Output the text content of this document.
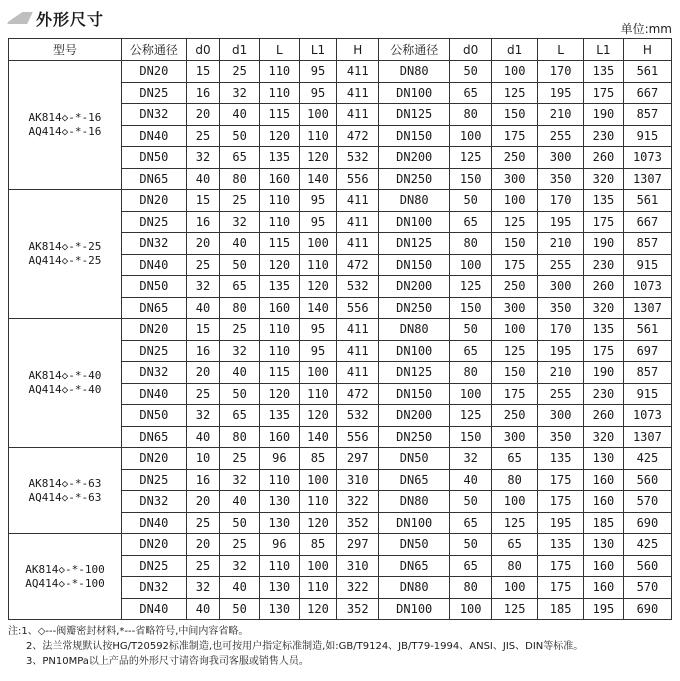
外形尺寸	单位:mm
型号	公称通径	d0	d1	L	L1	H	公称通径	d0	d1	L	L1	H

AK814◇-*-16
AQ414◇-*-16	DN20	15	25	110	95	411	DN80	50	100	170	135	561
	DN25	16	32	110	95	411	DN100	65	125	195	175	667
	DN32	20	40	115	100	411	DN125	80	150	210	190	857
	DN40	25	50	120	110	472	DN150	100	175	255	230	915
	DN50	32	65	135	120	532	DN200	125	250	300	260	1073
	DN65	40	80	160	140	556	DN250	150	300	350	320	1307

AK814◇-*-25
AQ414◇-*-25	DN20	15	25	110	95	411	DN80	50	100	170	135	561
	DN25	16	32	110	95	411	DN100	65	125	195	175	667
	DN32	20	40	115	100	411	DN125	80	150	210	190	857
	DN40	25	50	120	110	472	DN150	100	175	255	230	915
	DN50	32	65	135	120	532	DN200	125	250	300	260	1073
	DN65	40	80	160	140	556	DN250	150	300	350	320	1307

AK814◇-*-40
AQ414◇-*-40	DN20	15	25	110	95	411	DN80	50	100	170	135	561
	DN25	16	32	110	95	411	DN100	65	125	195	175	697
	DN32	20	40	115	100	411	DN125	80	150	210	190	857
	DN40	25	50	120	110	472	DN150	100	175	255	230	915
	DN50	32	65	135	120	532	DN200	125	250	300	260	1073
	DN65	40	80	160	140	556	DN250	150	300	350	320	1307

AK814◇-*-63
AQ414◇-*-63	DN20	10	25	96	85	297	DN50	32	65	135	130	425
	DN25	16	32	110	100	310	DN65	40	80	175	160	560
	DN32	20	40	130	110	322	DN80	50	100	175	160	570
	DN40	25	50	130	120	352	DN100	65	125	195	185	690

AK814◇-*-100
AQ414◇-*-100	DN20	20	25	96	85	297	DN50	50	65	135	130	425
	DN25	25	32	110	100	310	DN65	65	80	175	160	560
	DN32	32	40	130	110	322	DN80	80	100	175	160	570
	DN40	40	50	130	120	352	DN100	100	125	185	195	690
注:1、◇---阀瓣密封材料,*---省略符号,中间内容省略。
2、法兰常规默认按HG/T20592标准制造,也可按用户指定标准制造,如:GB/T9124、JB/T79-1994、ANSI、JIS、DIN等标准。
3、PN10MPa以上产品的外形尺寸请咨询我司客服或销售人员。
